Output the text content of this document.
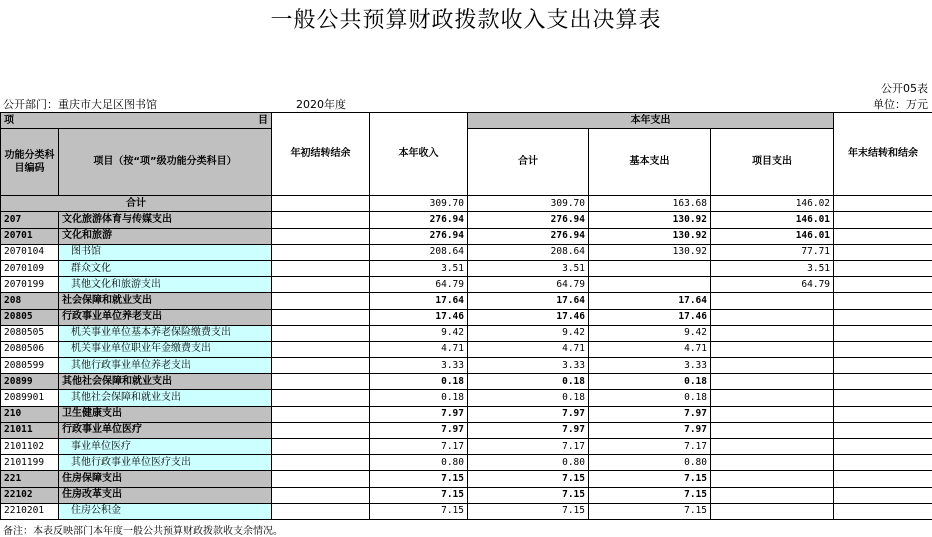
一般公共预算财政拨款收入支出决算表
公开05表
公开部门：重庆市大足区图书馆	2020年度	单位：万元
项 目		年初结转结余	本年收入	本年支出			年末结转和结余
功能分类科目编码	项目（按“项”级功能分类科目）			合计	基本支出	项目支出	

合计			309.70	309.70	163.68	146.02	
207	文化旅游体育与传媒支出		276.94	276.94	130.92	146.01	
20701	文化和旅游		276.94	276.94	130.92	146.01	
2070104	图书馆		208.64	208.64	130.92	77.71	
2070109	群众文化		3.51	3.51		3.51	
2070199	其他文化和旅游支出		64.79	64.79		64.79	
208	社会保障和就业支出		17.64	17.64	17.64		
20805	行政事业单位养老支出		17.46	17.46	17.46		
2080505	机关事业单位基本养老保险缴费支出		9.42	9.42	9.42		
2080506	机关事业单位职业年金缴费支出		4.71	4.71	4.71		
2080599	其他行政事业单位养老支出		3.33	3.33	3.33		
20899	其他社会保障和就业支出		0.18	0.18	0.18		
2089901	其他社会保障和就业支出		0.18	0.18	0.18		
210	卫生健康支出		7.97	7.97	7.97		
21011	行政事业单位医疗		7.97	7.97	7.97		
2101102	事业单位医疗		7.17	7.17	7.17		
2101199	其他行政事业单位医疗支出		0.80	0.80	0.80		
221	住房保障支出		7.15	7.15	7.15		
22102	住房改革支出		7.15	7.15	7.15		
2210201	住房公积金		7.15	7.15	7.15		
备注：本表反映部门本年度一般公共预算财政拨款收支余情况。
